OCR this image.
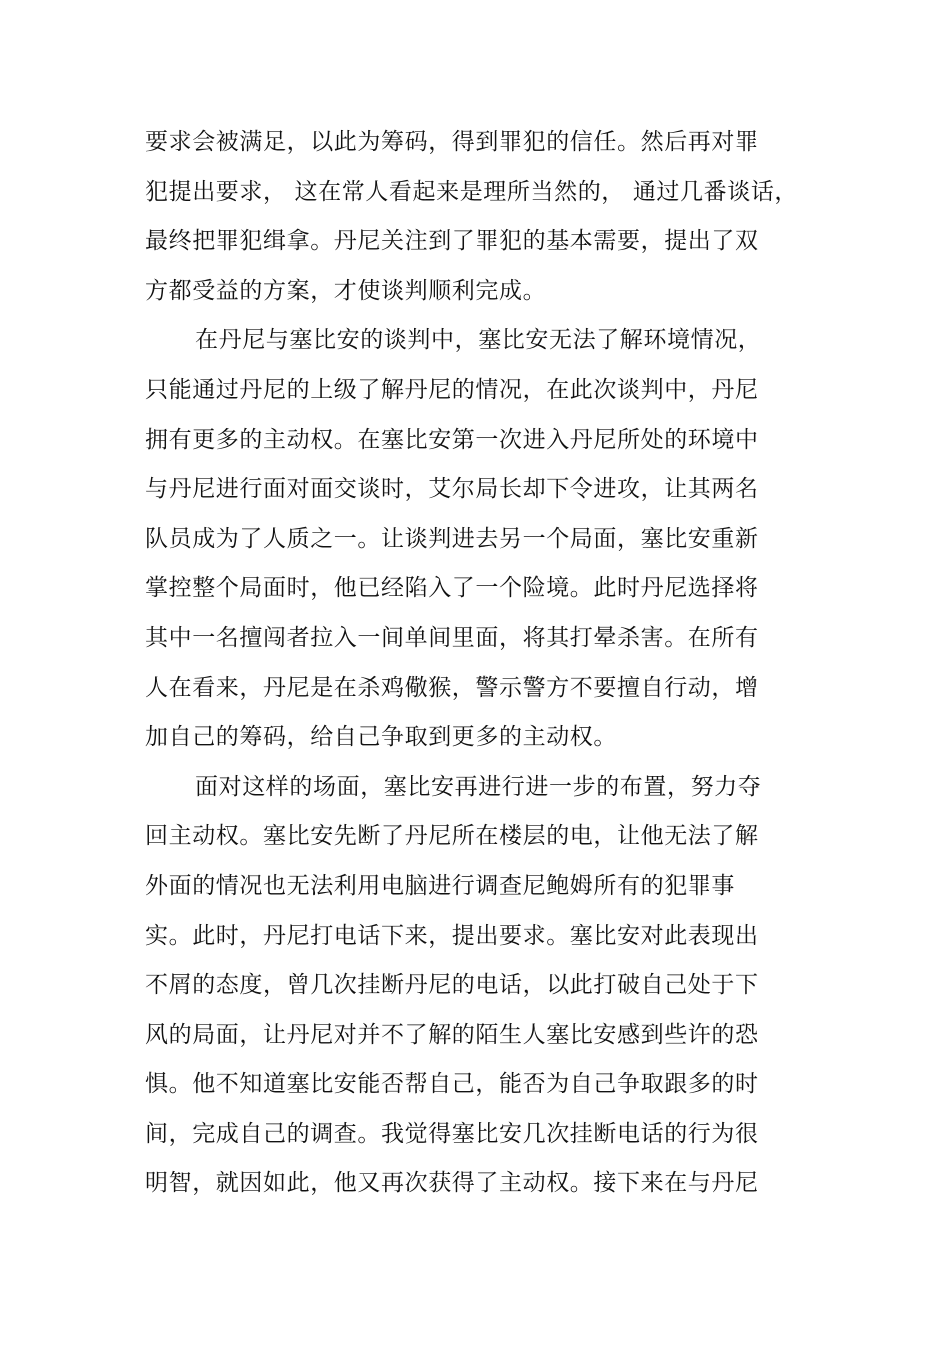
要求会被满足，以此为筹码，得到罪犯的信任。然后再对罪
犯提出要求， 这在常人看起来是理所当然的， 通过几番谈话，
最终把罪犯缉拿。丹尼关注到了罪犯的基本需要，提出了双
方都受益的方案，才使谈判顺利完成。
在丹尼与塞比安的谈判中，塞比安无法了解环境情况，
只能通过丹尼的上级了解丹尼的情况，在此次谈判中，丹尼
拥有更多的主动权。在塞比安第一次进入丹尼所处的环境中
与丹尼进行面对面交谈时，艾尔局长却下令进攻，让其两名
队员成为了人质之一。让谈判进去另一个局面，塞比安重新
掌控整个局面时，他已经陷入了一个险境。此时丹尼选择将
其中一名擅闯者拉入一间单间里面，将其打晕杀害。在所有
人在看来，丹尼是在杀鸡儆猴，警示警方不要擅自行动，增
加自己的筹码，给自己争取到更多的主动权。
面对这样的场面，塞比安再进行进一步的布置，努力夺
回主动权。塞比安先断了丹尼所在楼层的电，让他无法了解
外面的情况也无法利用电脑进行调查尼鲍姆所有的犯罪事
实。此时，丹尼打电话下来，提出要求。塞比安对此表现出
不屑的态度，曾几次挂断丹尼的电话，以此打破自己处于下
风的局面，让丹尼对并不了解的陌生人塞比安感到些许的恐
惧。他不知道塞比安能否帮自己，能否为自己争取跟多的时
间，完成自己的调查。我觉得塞比安几次挂断电话的行为很
明智，就因如此，他又再次获得了主动权。接下来在与丹尼
